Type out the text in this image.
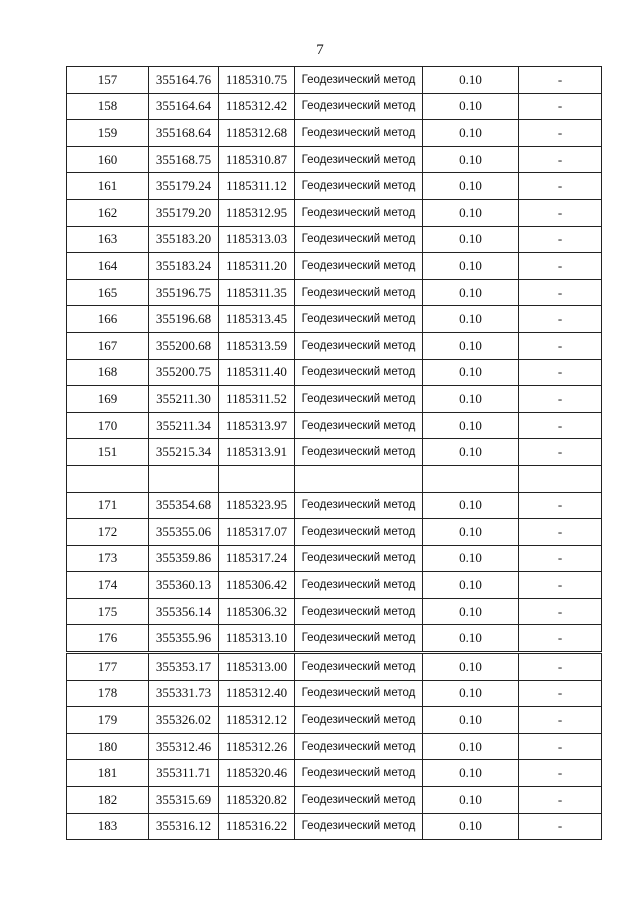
7
157	355164.76	1185310.75	Геодезический метод	0.10	-
158	355164.64	1185312.42	Геодезический метод	0.10	-
159	355168.64	1185312.68	Геодезический метод	0.10	-
160	355168.75	1185310.87	Геодезический метод	0.10	-
161	355179.24	1185311.12	Геодезический метод	0.10	-
162	355179.20	1185312.95	Геодезический метод	0.10	-
163	355183.20	1185313.03	Геодезический метод	0.10	-
164	355183.24	1185311.20	Геодезический метод	0.10	-
165	355196.75	1185311.35	Геодезический метод	0.10	-
166	355196.68	1185313.45	Геодезический метод	0.10	-
167	355200.68	1185313.59	Геодезический метод	0.10	-
168	355200.75	1185311.40	Геодезический метод	0.10	-
169	355211.30	1185311.52	Геодезический метод	0.10	-
170	355211.34	1185313.97	Геодезический метод	0.10	-
151	355215.34	1185313.91	Геодезический метод	0.10	-

171	355354.68	1185323.95	Геодезический метод	0.10	-
172	355355.06	1185317.07	Геодезический метод	0.10	-
173	355359.86	1185317.24	Геодезический метод	0.10	-
174	355360.13	1185306.42	Геодезический метод	0.10	-
175	355356.14	1185306.32	Геодезический метод	0.10	-
176	355355.96	1185313.10	Геодезический метод	0.10	-
177	355353.17	1185313.00	Геодезический метод	0.10	-
178	355331.73	1185312.40	Геодезический метод	0.10	-
179	355326.02	1185312.12	Геодезический метод	0.10	-
180	355312.46	1185312.26	Геодезический метод	0.10	-
181	355311.71	1185320.46	Геодезический метод	0.10	-
182	355315.69	1185320.82	Геодезический метод	0.10	-
183	355316.12	1185316.22	Геодезический метод	0.10	-
